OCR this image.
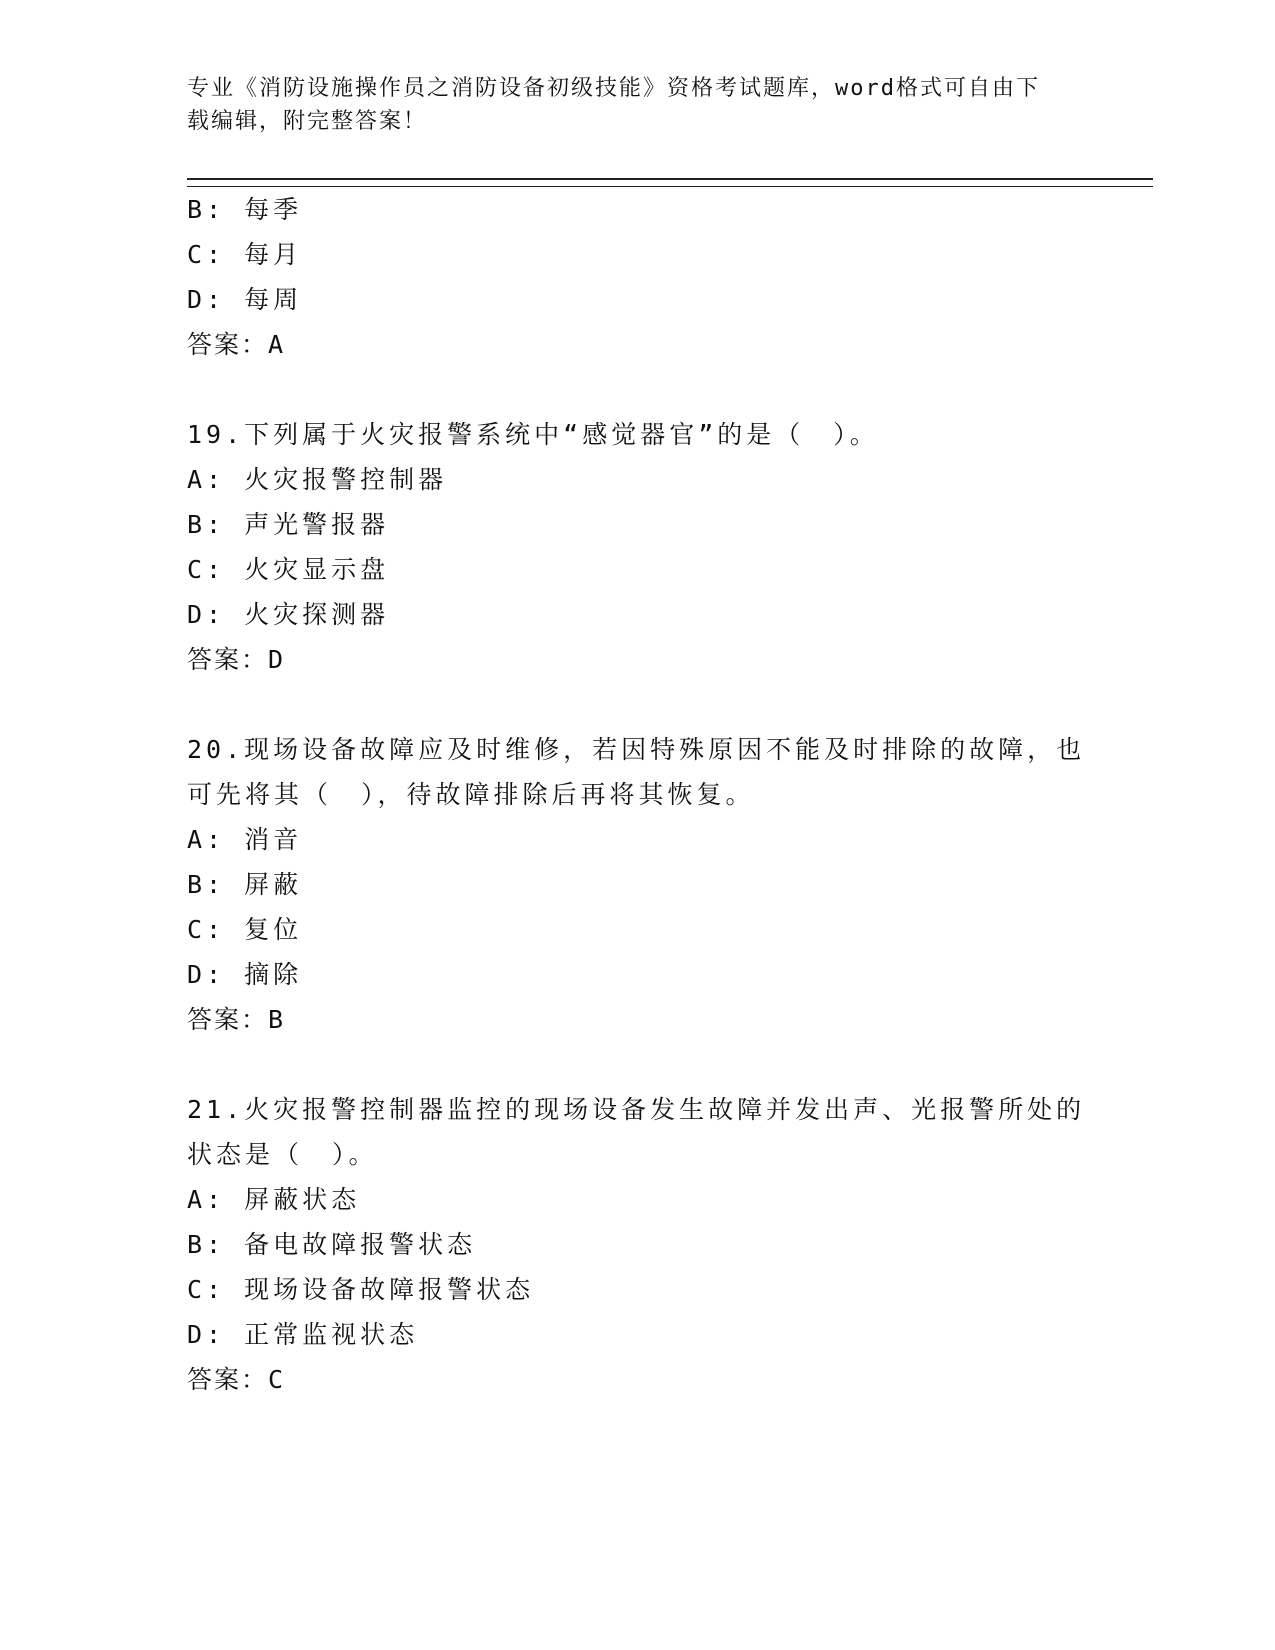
专业《消防设施操作员之消防设备初级技能》资格考试题库，word格式可自由下
载编辑，附完整答案！
B: 每季
C: 每月
D: 每周
答案：A
19.下列属于火灾报警系统中“感觉器官”的是（　）。
A: 火灾报警控制器
B: 声光警报器
C: 火灾显示盘
D: 火灾探测器
答案：D
20.现场设备故障应及时维修，若因特殊原因不能及时排除的故障，也
可先将其（　），待故障排除后再将其恢复。
A: 消音
B: 屏蔽
C: 复位
D: 摘除
答案：B
21.火灾报警控制器监控的现场设备发生故障并发出声、光报警所处的
状态是（　）。
A: 屏蔽状态
B: 备电故障报警状态
C: 现场设备故障报警状态
D: 正常监视状态
答案：C
